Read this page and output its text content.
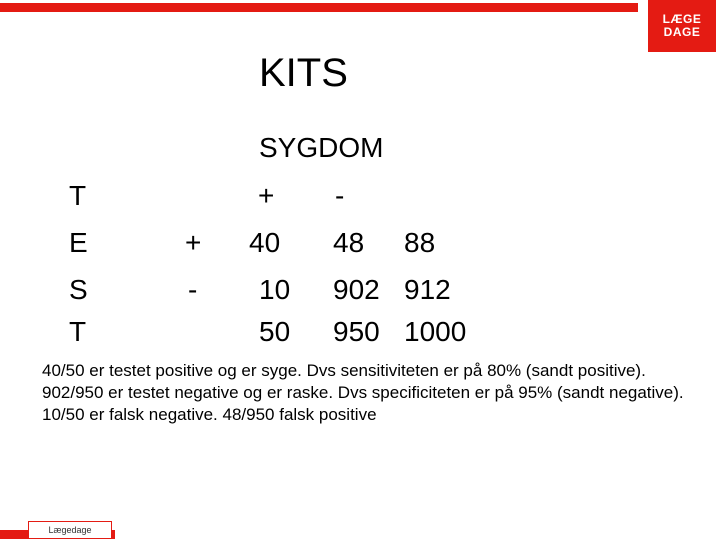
LÆGE
DAGE
KITS
SYGDOM
+ -
T
E
S
T
+
-
40 48 88
10 902 912
50 950 1000

40/50 er testet positive og er syge. Dvs sensitiviteten er på 80% (sandt positive).

902/950 er testet negative og er raske. Dvs specificiteten er på 95% (sandt negative).

10/50 er falsk negative. 48/950 falsk positive

Lægedage
